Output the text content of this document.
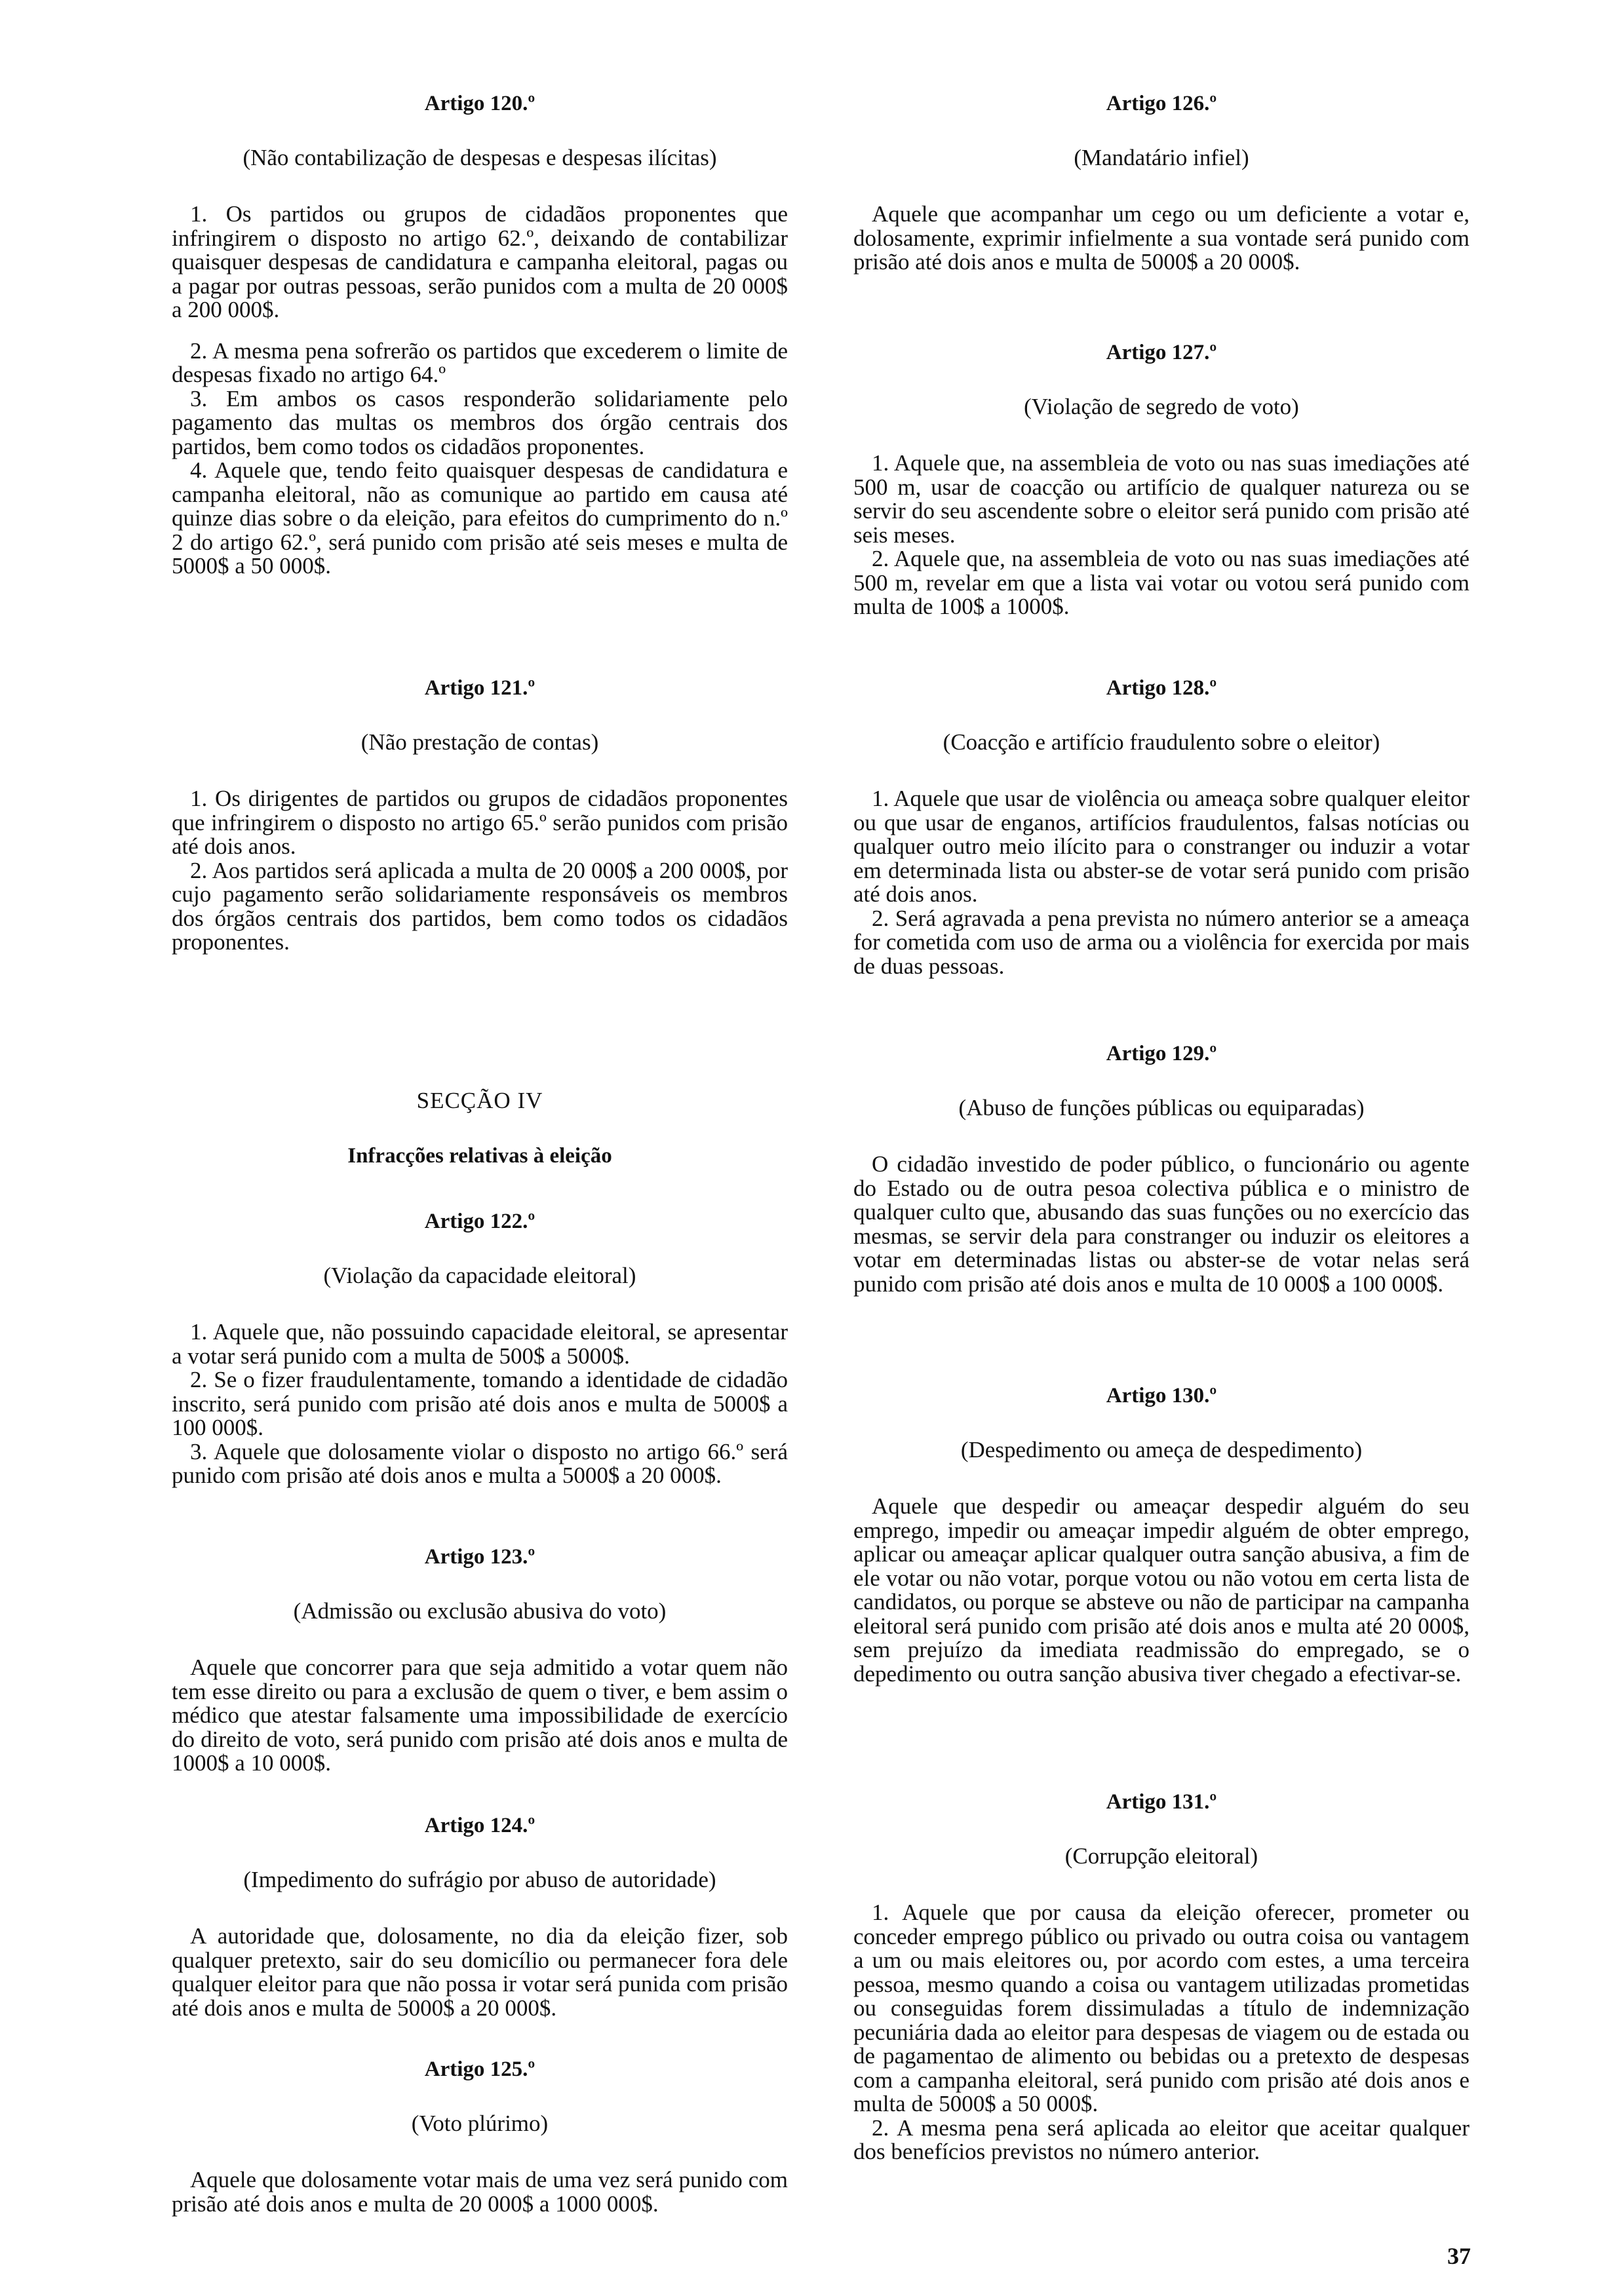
Artigo 120.º
(Não contabilização de despesas e despesas ilícitas)

1. Os partidos ou grupos de cidadãos proponentes que infringirem o disposto no artigo 62.º, deixando de contabilizar quaisquer despesas de candidatura e campanha eleitoral, pagas ou a pagar por outras pessoas, serão punidos com a multa de 20 000$ a 200 000$.

2. A mesma pena sofrerão os partidos que excederem o limite de despesas fixado no artigo 64.º

3. Em ambos os casos responderão solidariamente pelo pagamento das multas os membros dos órgão centrais dos partidos, bem como todos os cidadãos proponentes.

4. Aquele que, tendo feito quaisquer despesas de candidatura e campanha eleitoral, não as comunique ao partido em causa até quinze dias sobre o da eleição, para efeitos do cumprimento do n.º 2 do artigo 62.º, será punido com prisão até seis meses e multa de 5000$ a 50 000$.

Artigo 121.º
(Não prestação de contas)

1. Os dirigentes de partidos ou grupos de cidadãos proponentes que infringirem o disposto no artigo 65.º serão punidos com prisão até dois anos.

2. Aos partidos será aplicada a multa de 20 000$ a 200 000$, por cujo pagamento serão solidariamente responsáveis os membros dos órgãos centrais dos partidos, bem como todos os cidadãos proponentes.

SECÇÃO IV
Infracções relativas à eleição
Artigo 122.º
(Violação da capacidade eleitoral)

1. Aquele que, não possuindo capacidade eleitoral, se apresentar a votar será punido com a multa de 500$ a 5000$.

2. Se o fizer fraudulentamente, tomando a identidade de cidadão inscrito, será punido com prisão até dois anos e multa de 5000$ a 100 000$.

3. Aquele que dolosamente violar o disposto no artigo 66.º será punido com prisão até dois anos e multa a 5000$ a 20 000$.

Artigo 123.º
(Admissão ou exclusão abusiva do voto)

Aquele que concorrer para que seja admitido a votar quem não tem esse direito ou para a exclusão de quem o tiver, e bem assim o médico que atestar falsamente uma impossibilidade de exercício do direito de voto, será punido com prisão até dois anos e multa de 1000$ a 10 000$.

Artigo 124.º
(Impedimento do sufrágio por abuso de autoridade)

A autoridade que, dolosamente, no dia da eleição fizer, sob qualquer pretexto, sair do seu domicílio ou permanecer fora dele qualquer eleitor para que não possa ir votar será punida com prisão até dois anos e multa de 5000$ a 20 000$.

Artigo 125.º
(Voto plúrimo)

Aquele que dolosamente votar mais de uma vez será punido com prisão até dois anos e multa de 20 000$ a 1000 000$.

Artigo 126.º
(Mandatário infiel)

Aquele que acompanhar um cego ou um deficiente a votar e, dolosamente, exprimir infielmente a sua vontade será punido com prisão até dois anos e multa de 5000$ a 20 000$.

Artigo 127.º
(Violação de segredo de voto)

1. Aquele que, na assembleia de voto ou nas suas imediações até 500 m, usar de coacção ou artifício de qualquer natureza ou se servir do seu ascendente sobre o eleitor será punido com prisão até seis meses.

2. Aquele que, na assembleia de voto ou nas suas imediações até 500 m, revelar em que a lista vai votar ou votou será punido com multa de 100$ a 1000$.

Artigo 128.º
(Coacção e artifício fraudulento sobre o eleitor)

1. Aquele que usar de violência ou ameaça sobre qualquer eleitor ou que usar de enganos, artifícios fraudulentos, falsas notícias ou qualquer outro meio ilícito para o constranger ou induzir a votar em determinada lista ou abster-se de votar será punido com prisão até dois anos.

2. Será agravada a pena prevista no número anterior se a ameaça for cometida com uso de arma ou a violência for exercida por mais de duas pessoas.

Artigo 129.º
(Abuso de funções públicas ou equiparadas)

O cidadão investido de poder público, o funcionário ou agente do Estado ou de outra pesoa colectiva pública e o ministro de qualquer culto que, abusando das suas funções ou no exercício das mesmas, se servir dela para constranger ou induzir os eleitores a votar em determinadas listas ou abster-se de votar nelas será punido com prisão até dois anos e multa de 10 000$ a 100 000$.

Artigo 130.º
(Despedimento ou ameça de despedimento)

Aquele que despedir ou ameaçar despedir alguém do seu emprego, impedir ou ameaçar impedir alguém de obter emprego, aplicar ou ameaçar aplicar qualquer outra sanção abusiva, a fim de ele votar ou não votar, porque votou ou não votou em certa lista de candidatos, ou porque se absteve ou não de participar na campanha eleitoral será punido com prisão até dois anos e multa até 20 000$, sem prejuízo da imediata readmissão do empregado, se o depedimento ou outra sanção abusiva tiver chegado a efectivar-se.

Artigo 131.º
(Corrupção eleitoral)

1. Aquele que por causa da eleição oferecer, prometer ou conceder emprego público ou privado ou outra coisa ou vantagem a um ou mais eleitores ou, por acordo com estes, a uma terceira pessoa, mesmo quando a coisa ou vantagem utilizadas prometidas ou conseguidas forem dissimuladas a título de indemnização pecuniária dada ao eleitor para despesas de viagem ou de estada ou de pagamentao de alimento ou bebidas ou a pretexto de despesas com a campanha eleitoral, será punido com prisão até dois anos e multa de 5000$ a 50 000$.

2. A mesma pena será aplicada ao eleitor que aceitar qualquer dos benefícios previstos no número anterior.

37
